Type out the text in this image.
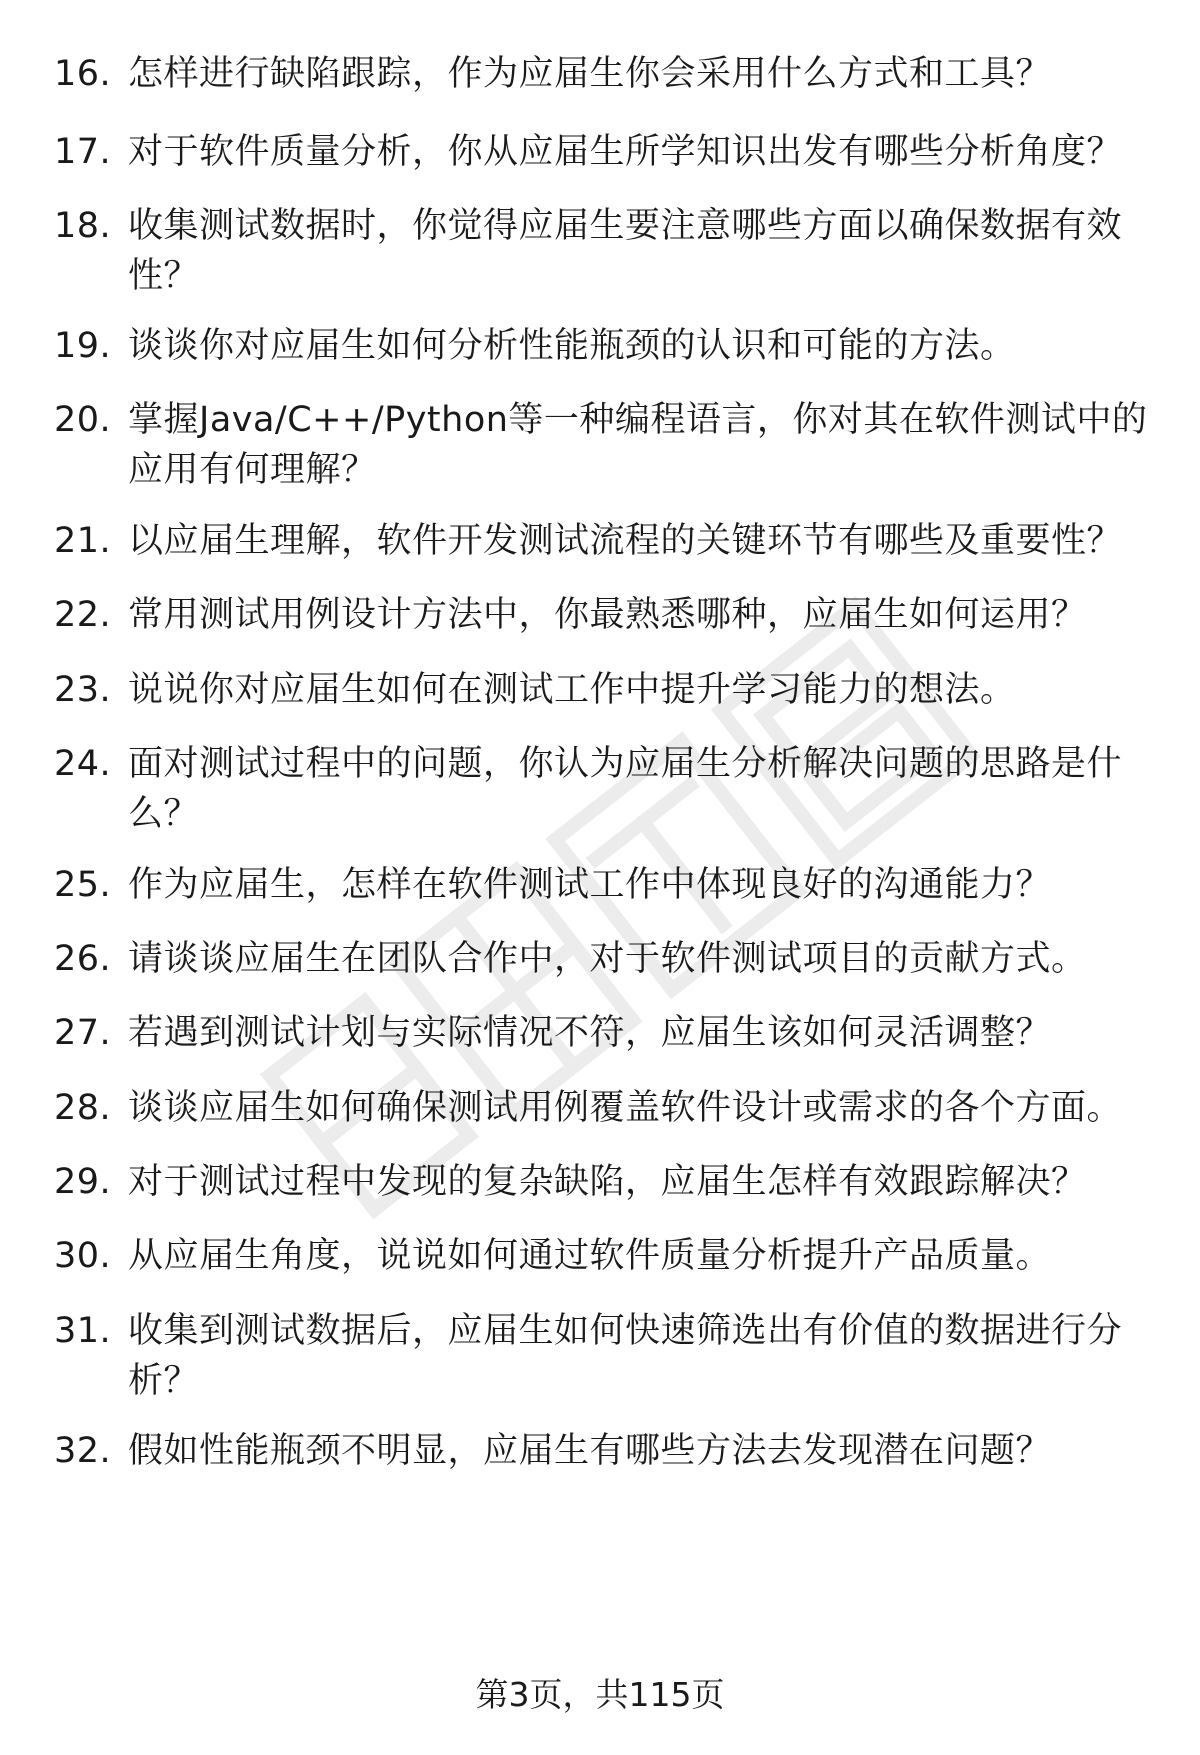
16. 怎样进行缺陷跟踪，作为应届生你会采用什么方式和工具？
17. 对于软件质量分析，你从应届生所学知识出发有哪些分析角度？
18. 收集测试数据时，你觉得应届生要注意哪些方面以确保数据有效性？
19. 谈谈你对应届生如何分析性能瓶颈的认识和可能的方法。
20. 掌握Java/C++/Python等一种编程语言，你对其在软件测试中的应用有何理解？
21. 以应届生理解，软件开发测试流程的关键环节有哪些及重要性？
22. 常用测试用例设计方法中，你最熟悉哪种，应届生如何运用？
23. 说说你对应届生如何在测试工作中提升学习能力的想法。
24. 面对测试过程中的问题，你认为应届生分析解决问题的思路是什么？
25. 作为应届生，怎样在软件测试工作中体现良好的沟通能力？
26. 请谈谈应届生在团队合作中，对于软件测试项目的贡献方式。
27. 若遇到测试计划与实际情况不符，应届生该如何灵活调整？
28. 谈谈应届生如何确保测试用例覆盖软件设计或需求的各个方面。
29. 对于测试过程中发现的复杂缺陷，应届生怎样有效跟踪解决？
30. 从应届生角度，说说如何通过软件质量分析提升产品质量。
31. 收集到测试数据后，应届生如何快速筛选出有价值的数据进行分析？
32. 假如性能瓶颈不明显，应届生有哪些方法去发现潜在问题？
第3页，共115页
